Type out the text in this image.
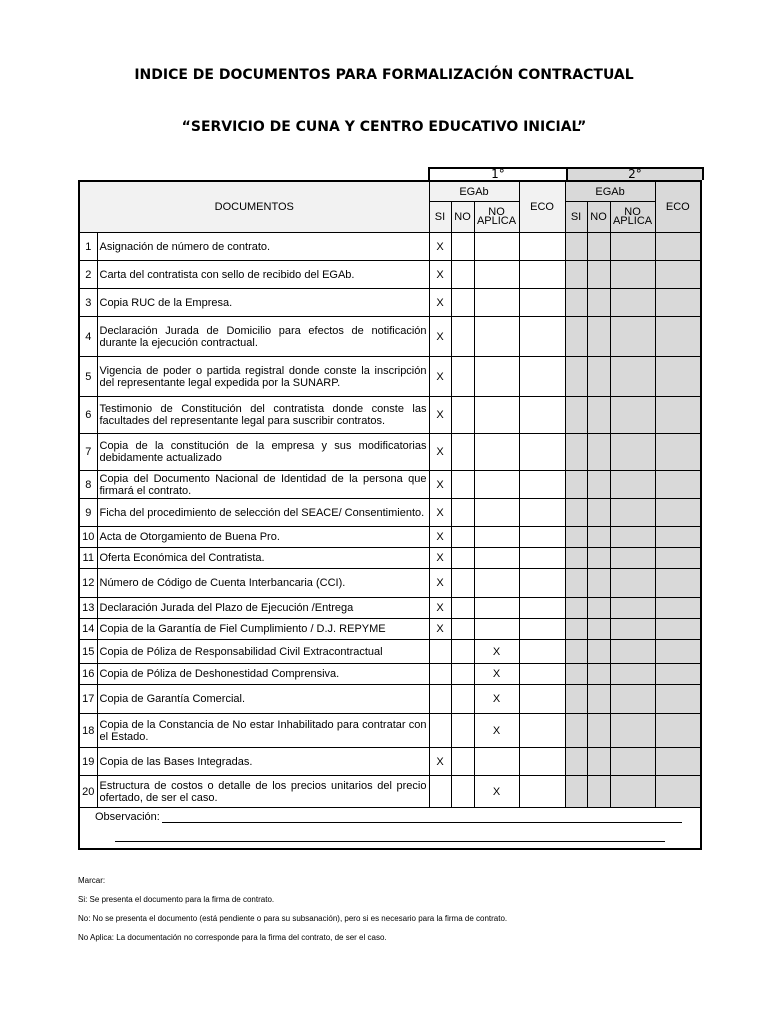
INDICE DE DOCUMENTOS PARA FORMALIZACIÓN CONTRACTUAL
“SERVICIO DE CUNA Y CENTRO EDUCATIVO INICIAL”
1°	2°
DOCUMENTOS		EGAb			ECO	EGAb			ECO
		SI	NO	NO APLICA		SI	NO	NO APLICA	
1	Asignación de número de contrato.	X							
2	Carta del contratista con sello de recibido del EGAb.	X							
3	Copia RUC de la Empresa.	X							
4	Declaración Jurada de Domicilio para efectos de notificación durante la ejecución contractual.	X							
5	Vigencia de poder o partida registral donde conste la inscripción del representante legal expedida por la SUNARP.	X							
6	Testimonio de Constitución del contratista donde conste las facultades del representante legal para suscribir contratos.	X							
7	Copia de la constitución de la empresa y sus modificatorias debidamente actualizado	X							
8	Copia del Documento Nacional de Identidad de la persona que firmará el contrato.	X							
9	Ficha del procedimiento de selección del SEACE/ Consentimiento.	X							
10	Acta de Otorgamiento de Buena Pro.	X							
11	Oferta Económica del Contratista.	X							
12	Número de Código de Cuenta Interbancaria (CCI).	X							
13	Declaración Jurada del Plazo de Ejecución /Entrega	X							
14	Copia de la Garantía de Fiel Cumplimiento / D.J. REPYME	X							
15	Copia de Póliza de Responsabilidad Civil Extracontractual			X					
16	Copia de Póliza de Deshonestidad Comprensiva.			X					
17	Copia de Garantía Comercial.			X					
18	Copia de la Constancia de No estar Inhabilitado para contratar con el Estado.			X					
19	Copia de las Bases Integradas.	X							
20	Estructura de costos o detalle de los precios unitarios del precio ofertado, de ser el caso.			X					

Observación:									
Marcar:
Si: Se presenta el documento para la firma de contrato.
No: No se presenta el documento (está pendiente o para su subsanación), pero si es necesario para la firma de contrato.
No Aplica: La documentación no corresponde para la firma del contrato, de ser el caso.
